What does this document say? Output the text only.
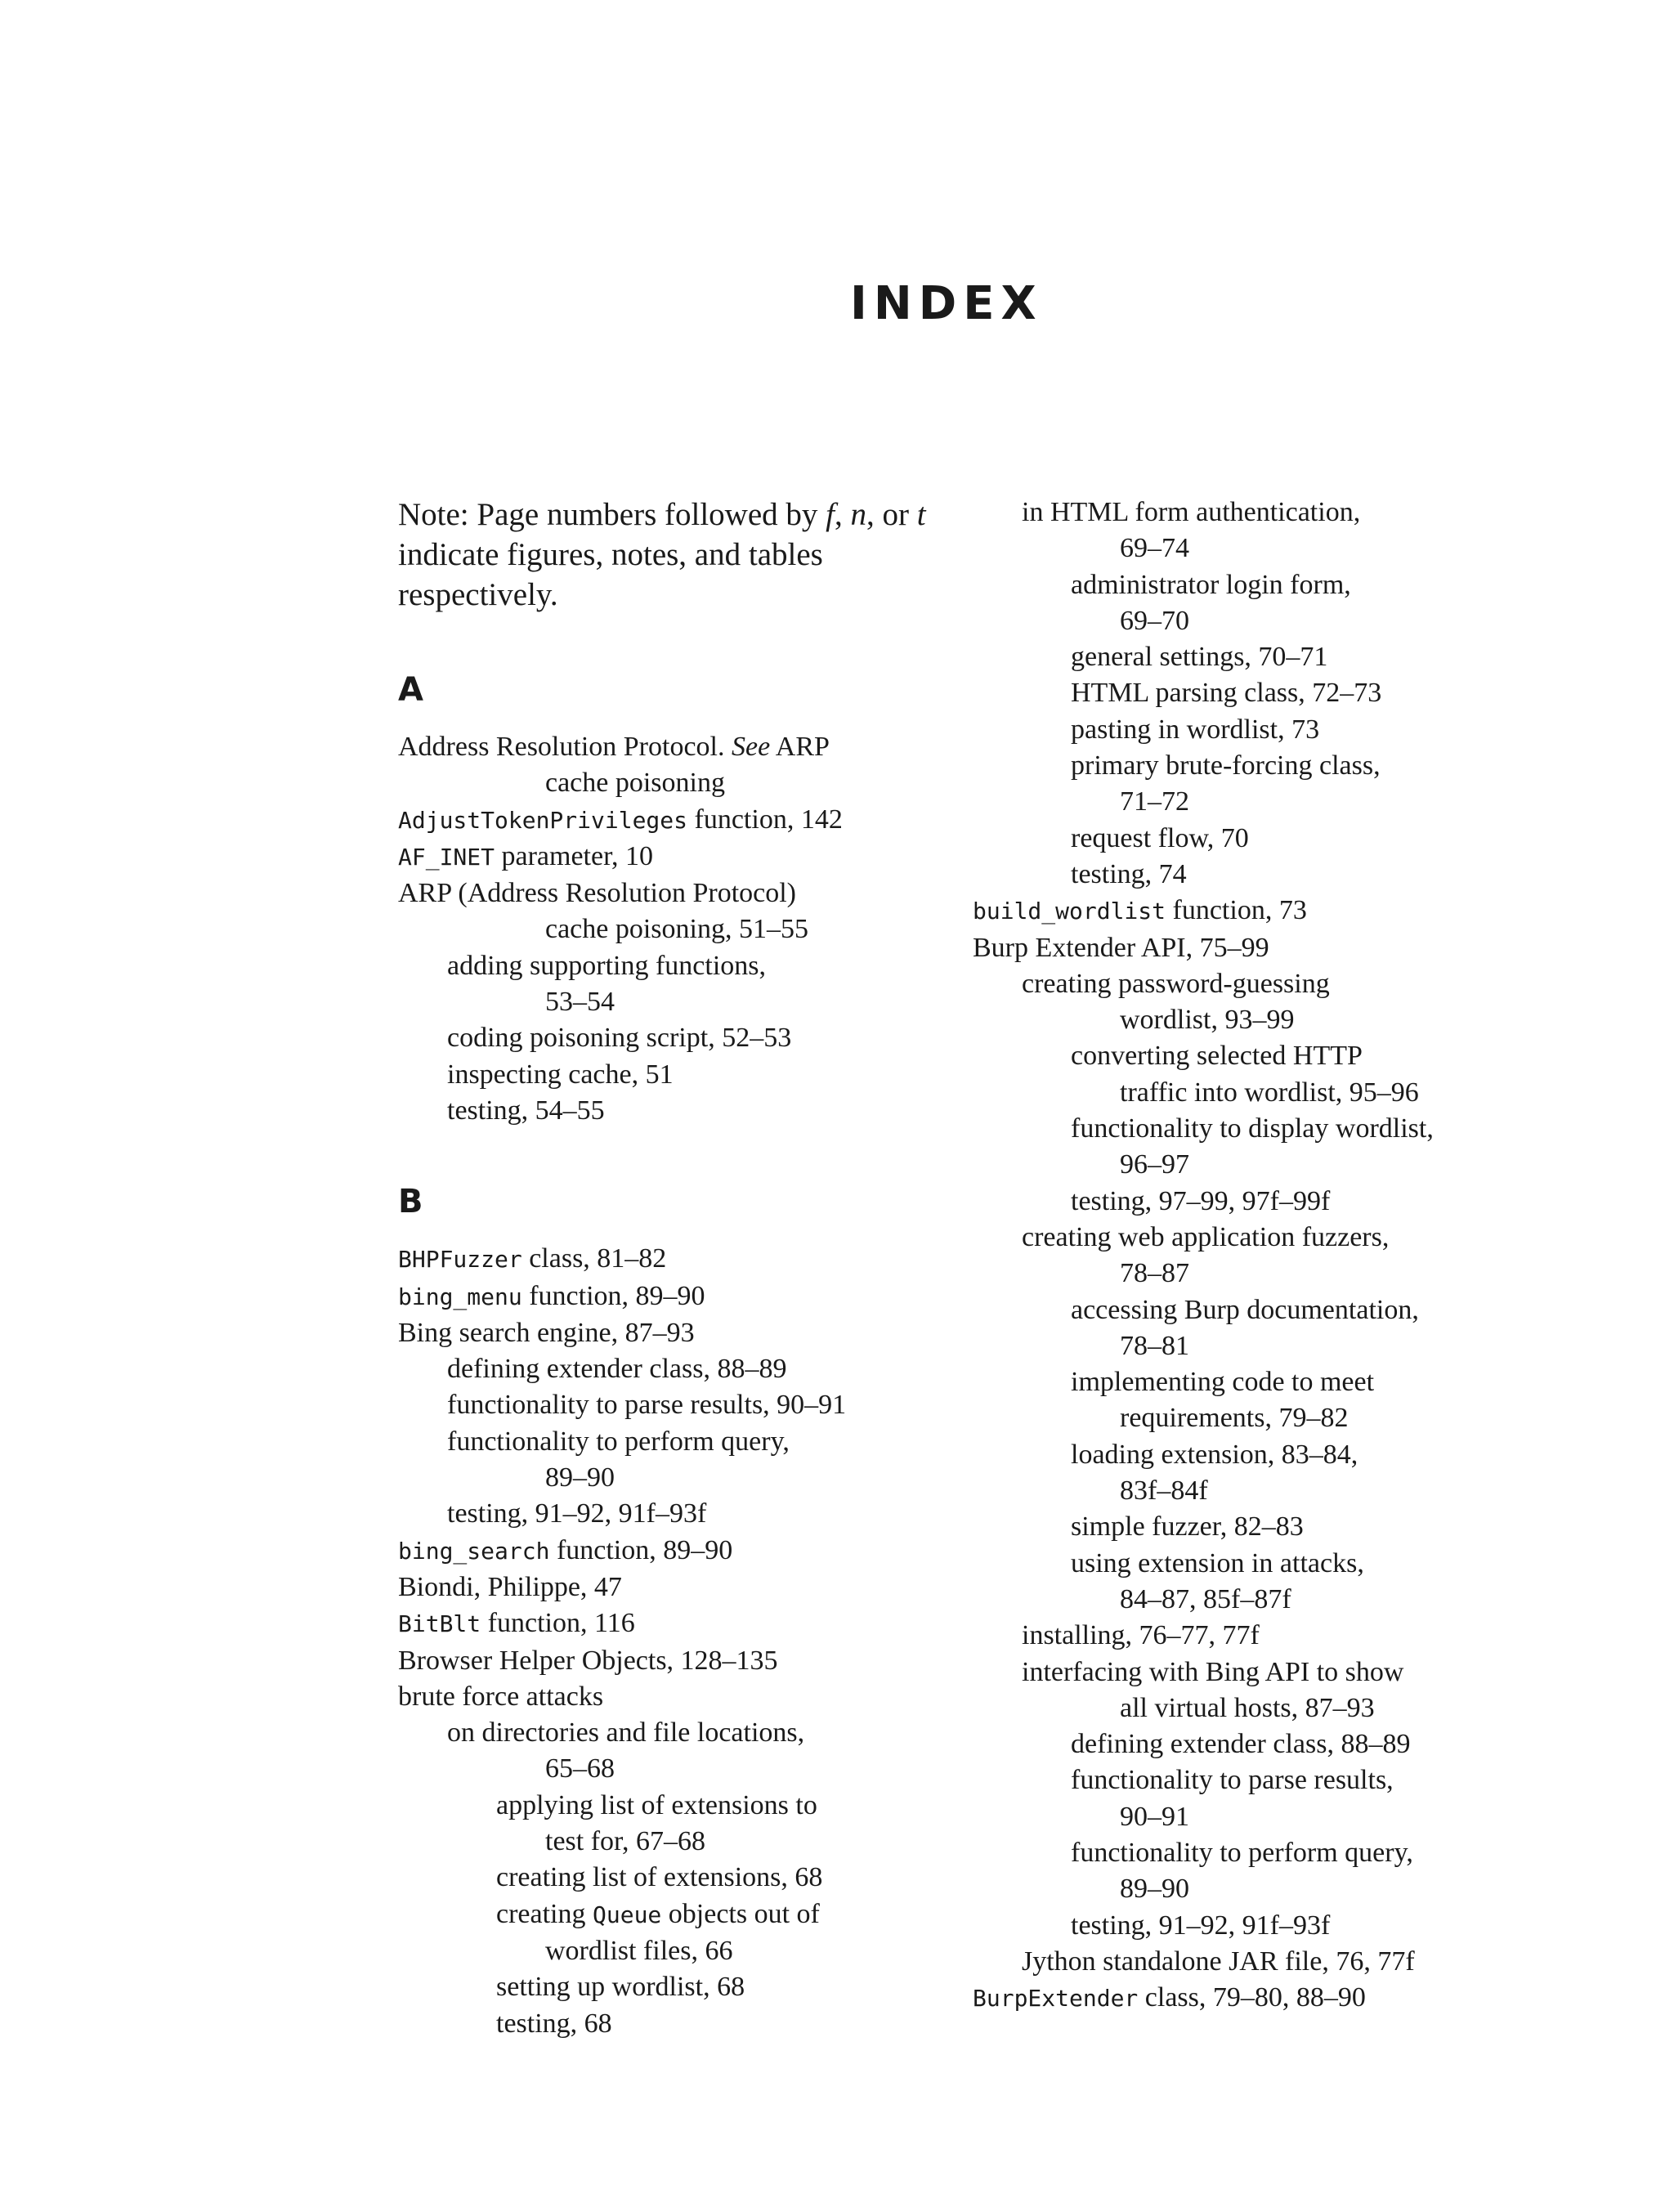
INDEX

Note: Page numbers followed by f, n, or t indicate figures, notes, and tables respectively.

A
Address Resolution Protocol. See ARP
cache poisoning
AdjustTokenPrivileges function, 142
AF_INET parameter, 10
ARP (Address Resolution Protocol)
cache poisoning, 51–55
adding supporting functions,
53–54
coding poisoning script, 52–53
inspecting cache, 51
testing, 54–55
B
BHPFuzzer class, 81–82
bing_menu function, 89–90
Bing search engine, 87–93
defining extender class, 88–89
functionality to parse results, 90–91
functionality to perform query,
89–90
testing, 91–92, 91f–93f
bing_search function, 89–90
Biondi, Philippe, 47
BitBlt function, 116
Browser Helper Objects, 128–135
brute force attacks
on directories and file locations,
65–68
applying list of extensions to
test for, 67–68
creating list of extensions, 68
creating Queue objects out of
wordlist files, 66
setting up wordlist, 68
testing, 68
in HTML form authentication,
69–74
administrator login form,
69–70
general settings, 70–71
HTML parsing class, 72–73
pasting in wordlist, 73
primary brute-forcing class,
71–72
request flow, 70
testing, 74
build_wordlist function, 73
Burp Extender API, 75–99
creating password-guessing
wordlist, 93–99
converting selected HTTP
traffic into wordlist, 95–96
functionality to display wordlist,
96–97
testing, 97–99, 97f–99f
creating web application fuzzers,
78–87
accessing Burp documentation,
78–81
implementing code to meet
requirements, 79–82
loading extension, 83–84,
83f–84f
simple fuzzer, 82–83
using extension in attacks,
84–87, 85f–87f
installing, 76–77, 77f
interfacing with Bing API to show
all virtual hosts, 87–93
defining extender class, 88–89
functionality to parse results,
90–91
functionality to perform query,
89–90
testing, 91–92, 91f–93f
Jython standalone JAR file, 76, 77f
BurpExtender class, 79–80, 88–90
